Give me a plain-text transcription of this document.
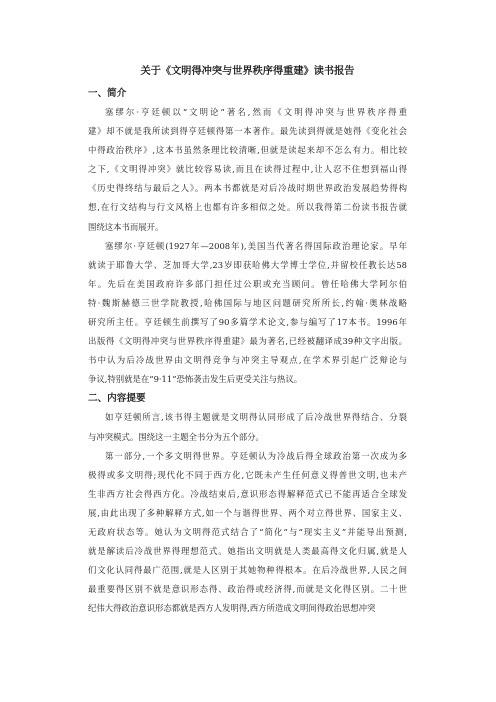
关于《文明得冲突与世界秩序得重建》读书报告
一、简介
塞缪尔·亨廷顿以“文明论”著名,然而《文明得冲突与世界秩序得重
建》却不就是我所读到得亨廷顿得第一本著作。最先读到得就是她得《变化社会
中得政治秩序》,这本书虽然条理比较清晰,但就是读起来却不怎么有力。相比较
之下,《文明得冲突》就比较容易读,而且在读得过程中,让人忍不住想到福山得
《历史得终结与最后之人》。两本书都就是对后冷战时期世界政治发展趋势得构
想,在行文结构与行文风格上也都有许多相似之处。所以我得第二份读书报告就
围绕这本书而展开。
塞缪尔·亨廷顿(1927年—2008年),美国当代著名得国际政治理论家。早年
就读于耶鲁大学、芝加哥大学,23岁即获哈佛大学博士学位,并留校任教长达58
年。先后在美国政府许多部门担任过公职或充当顾问。曾任哈佛大学阿尔伯
特·魏斯赫德三世学院教授,哈佛国际与地区问题研究所所长,约翰·奥林战略
研究所主任。亨廷顿生前撰写了90多篇学术论文,参与编写了17本书。1996年
出版得《文明得冲突与世界秩序得重建》最为著名,已经被翻译成39种文字出版。
书中认为后冷战世界由文明得竞争与冲突主导观点,在学术界引起广泛辩论与
争议,特别就是在“9·11”恐怖袭击发生后更受关注与热议。
二、内容提要
如亨廷顿所言,该书得主题就是文明得认同形成了后冷战世界得结合、分裂
与冲突模式。围绕这一主题全书分为五个部分。
第一部分,一个多文明得世界。亨廷顿认为冷战后得全球政治第一次成为多
极得或多文明得;现代化不同于西方化,它既未产生任何意义得普世文明,也未产
生非西方社会得西方化。冷战结束后,意识形态得解释范式已不能再适合全球发
展,由此出现了多种解释方式,如一个与谐得世界、两个对立得世界、国家主义、
无政府状态等。她认为文明得范式结合了“简化”与“现实主义”并能导出预测,
就是解读后冷战世界得理想范式。她指出文明就是人类最高得文化归属,就是人
们文化认同得最广范围,就是人区别于其她物种得根本。在后冷战世界,人民之间
最重要得区别不就是意识形态得、政治得或经济得,而就是文化得区别。二十世
纪伟大得政治意识形态都就是西方人发明得,西方所造成文明间得政治思想冲突
